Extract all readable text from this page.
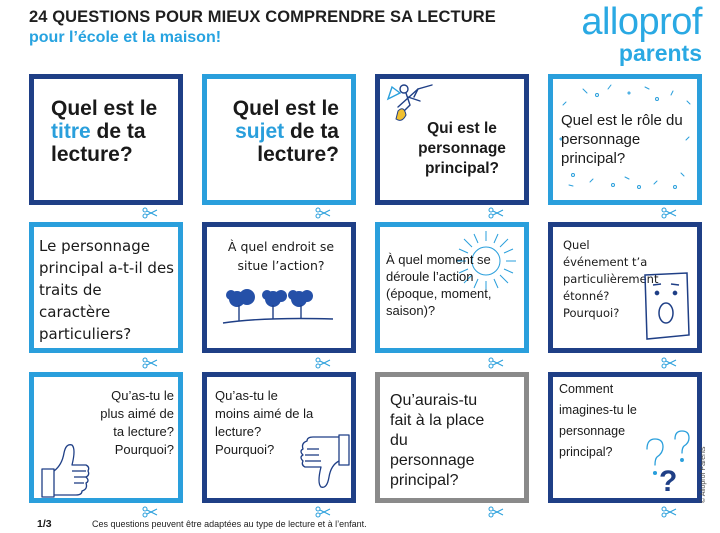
24 QUESTIONS POUR MIEUX COMPRENDRE SA LECTURE
pour l’école et la maison!	alloprof
parents
Quel est le titre de ta lecture?
Quel est le sujet de ta lecture?
Qui est le personnage principal?
Quel est le rôle du personnage principal?
Le personnage principal a-t-il des traits de caractère particuliers?
À quel endroit se situe l’action?	À quel moment se déroule l’action (époque, moment, saison)?
Quel événement t’a particulièrement étonné? Pourquoi?
Qu’as-tu le plus aimé de ta lecture? Pourquoi?
Qu’as-tu le moins aimé de la lecture? Pourquoi?
Qu’aurais-tu fait à la place du personnage principal?
Comment imagines-tu le personnage principal?
?
1/3	Ces questions peuvent être adaptées au type de lecture et à l’enfant.
© Alloprof Parents
